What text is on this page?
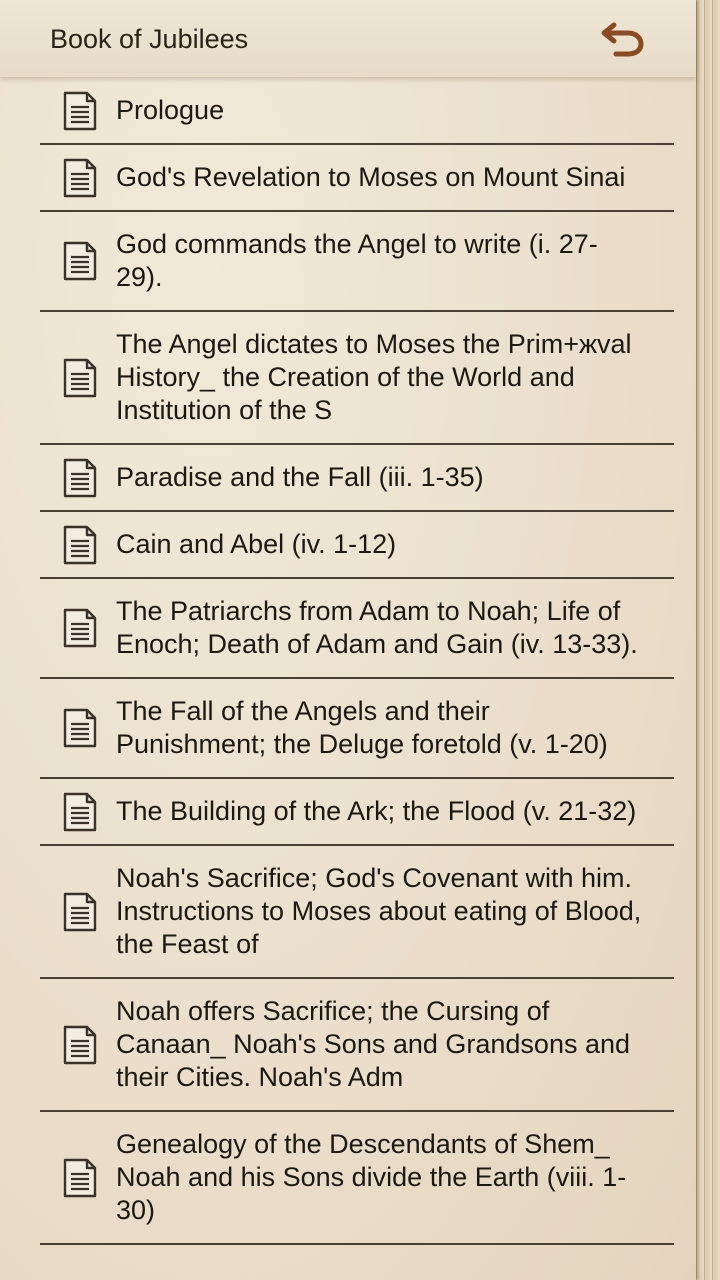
Book of Jubilees
Prologue
God's Revelation to Moses on Mount Sinai
God commands the Angel to write (i. 27-29).
The Angel dictates to Moses the Prim+жval History_ the Creation of the World and Institution of the S
Paradise and the Fall (iii. 1-35)
Cain and Abel (iv. 1-12)
The Patriarchs from Adam to Noah; Life of Enoch; Death of Adam and Gain (iv. 13-33).
The Fall of the Angels and their Punishment; the Deluge foretold (v. 1-20)
The Building of the Ark; the Flood (v. 21-32)
Noah's Sacrifice; God's Covenant with him. Instructions to Moses about eating of Blood, the Feast of
Noah offers Sacrifice; the Cursing of Canaan_ Noah's Sons and Grandsons and their Cities. Noah's Adm
Genealogy of the Descendants of Shem_ Noah and his Sons divide the Earth (viii. 1-30)
